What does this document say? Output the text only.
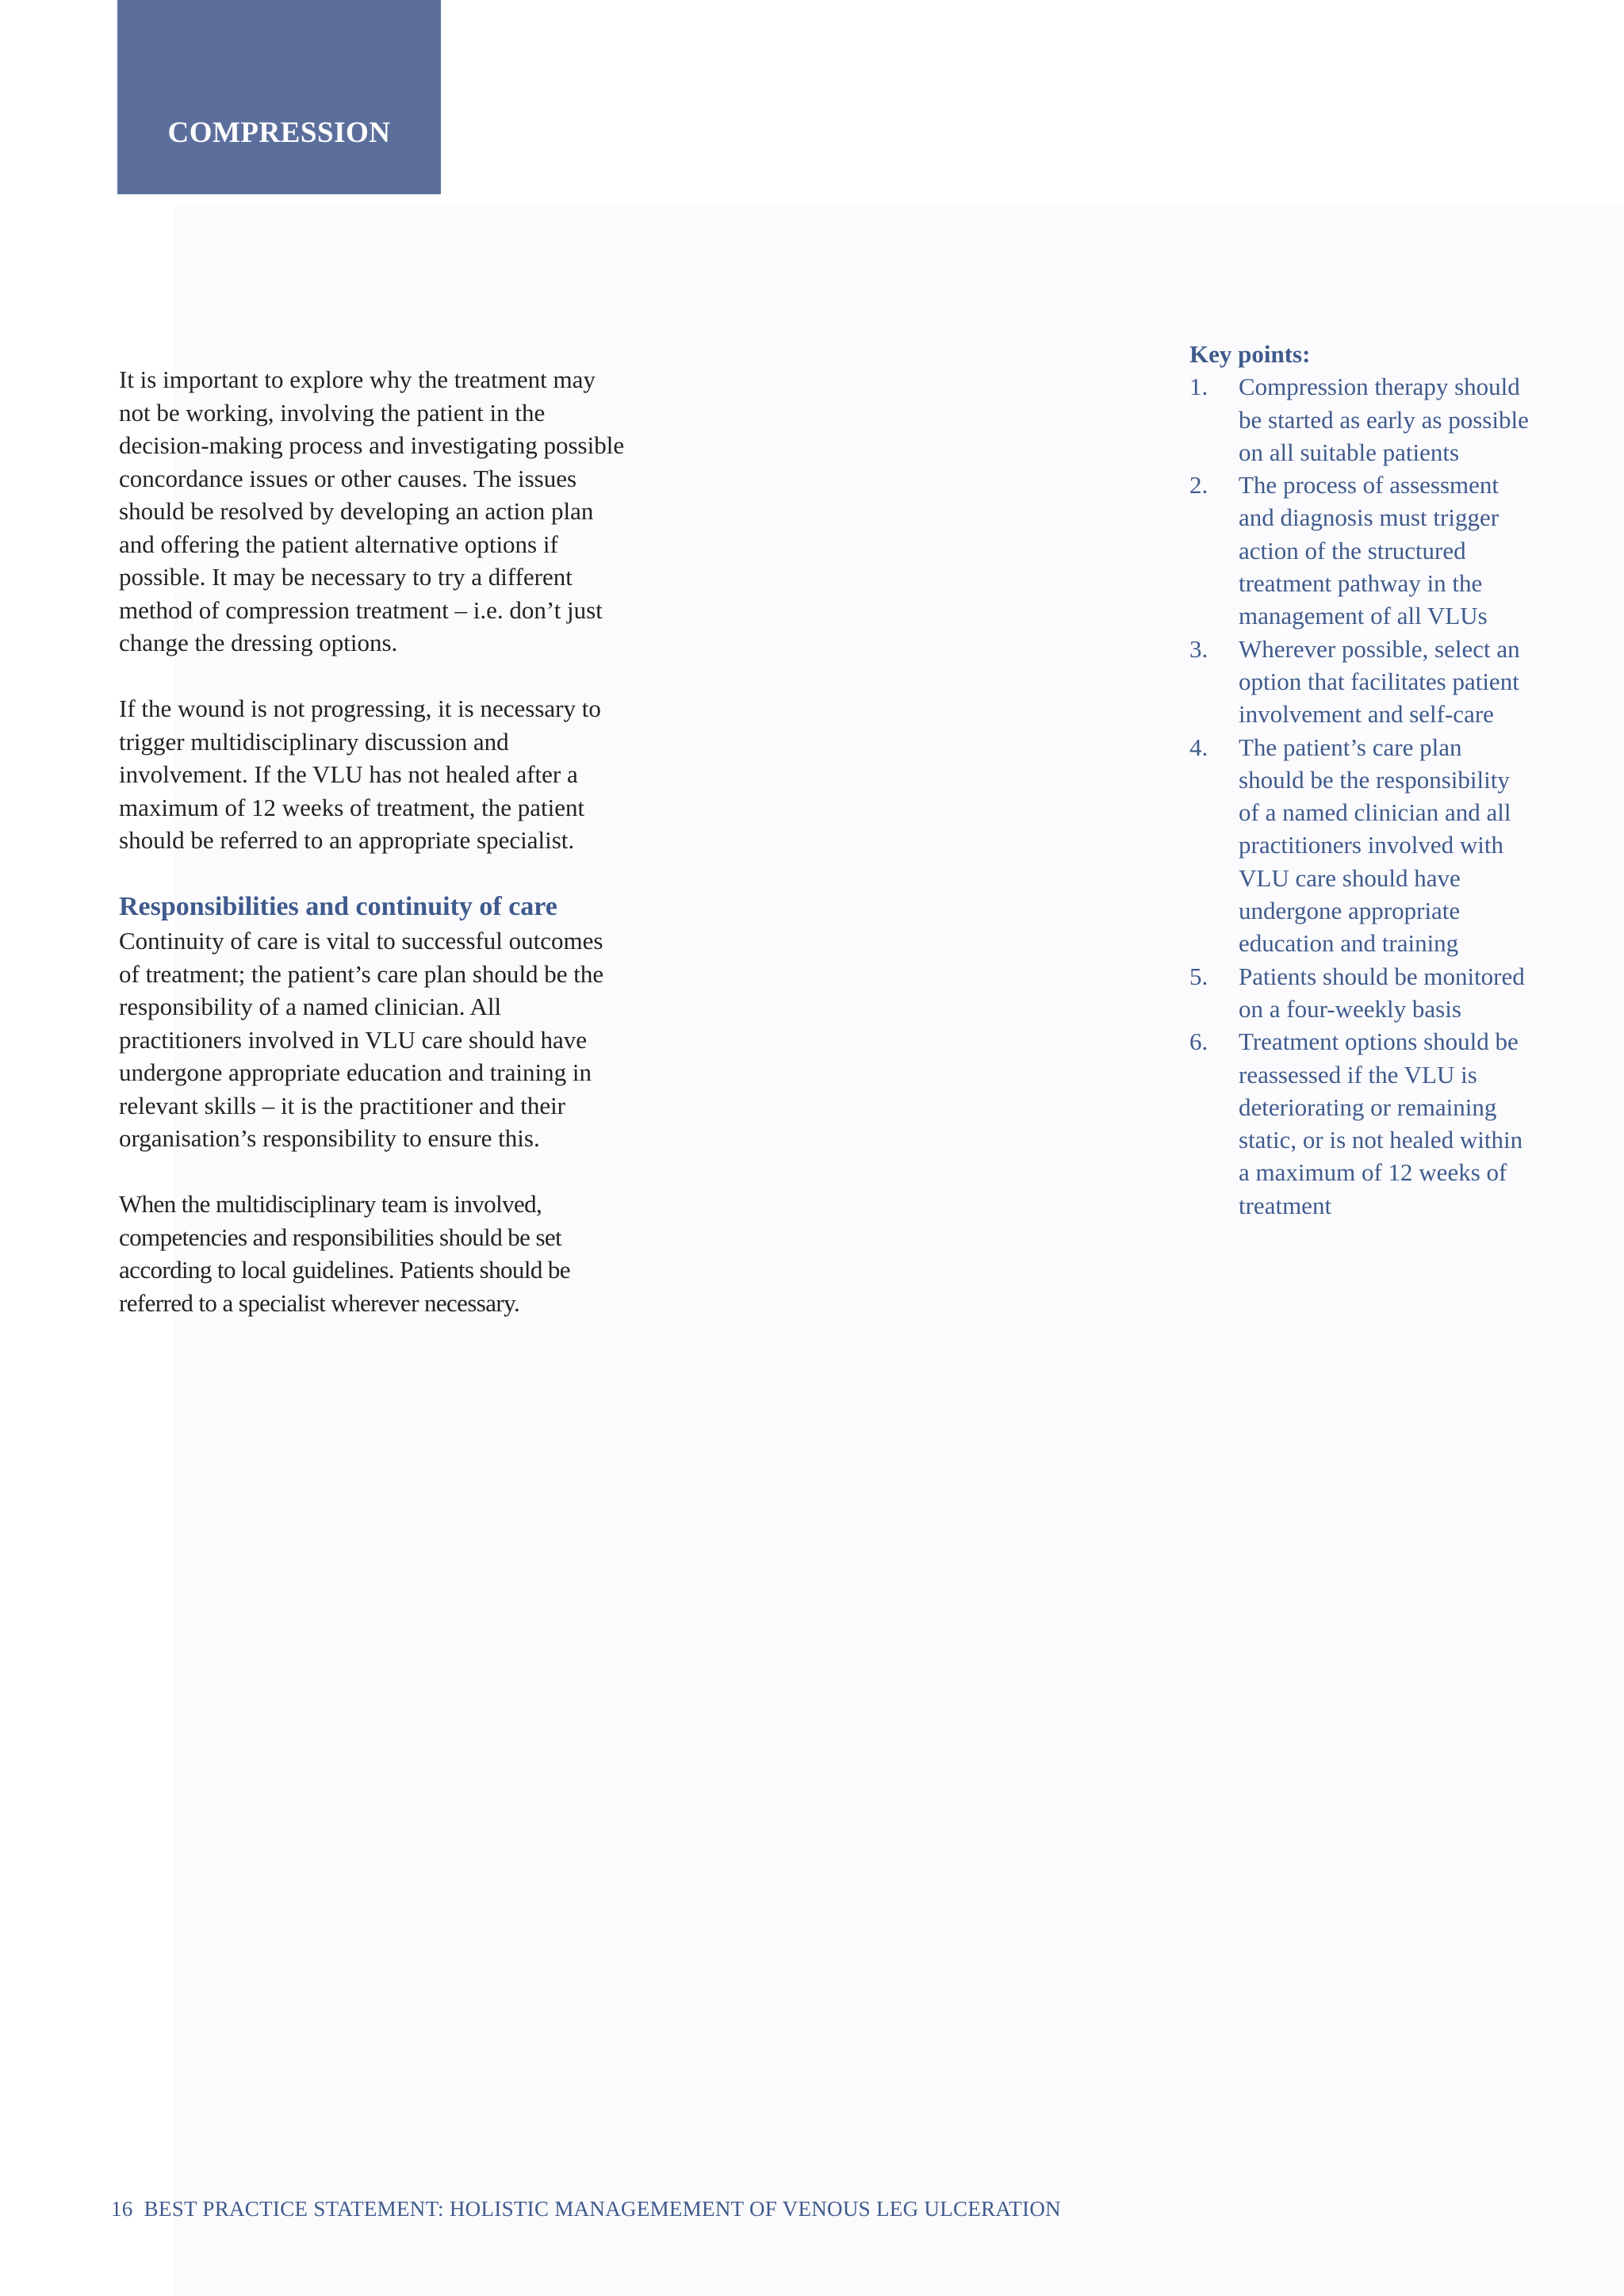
COMPRESSION

It is important to explore why the treatment may not be working, involving the patient in the decision-making process and investigating possible concordance issues or other causes. The issues should be resolved by developing an action plan and offering the patient alternative options if possible. It may be necessary to try a different method of compression treatment – i.e. don’t just change the dressing options.

If the wound is not progressing, it is necessary to trigger multidisciplinary discussion and involvement. If the VLU has not healed after a maximum of 12 weeks of treatment, the patient should be referred to an appropriate specialist.

Responsibilities and continuity of care

Continuity of care is vital to successful outcomes of treatment; the patient’s care plan should be the responsibility of a named clinician. All practitioners involved in VLU care should have undergone appropriate education and training in relevant skills – it is the practitioner and their organisation’s responsibility to ensure this.

When the multidisciplinary team is involved, competencies and responsibilities should be set according to local guidelines. Patients should be referred to a specialist wherever necessary.

Key points:
1.	Compression therapy should be started as early as possible on all suitable patients
2.	The process of assessment and diagnosis must trigger action of the structured treatment pathway in the management of all VLUs
3.	Wherever possible, select an option that facilitates patient involvement and self-care
4.	The patient’s care plan should be the responsibility of a named clinician and all practitioners involved with VLU care should have undergone appropriate education and training
5.	Patients should be monitored on a four-weekly basis
6.	Treatment options should be reassessed if the VLU is deteriorating or remaining static, or is not healed within a maximum of 12 weeks of treatment
16 BEST PRACTICE STATEMENT: HOLISTIC MANAGEMEMENT OF VENOUS LEG ULCERATION
